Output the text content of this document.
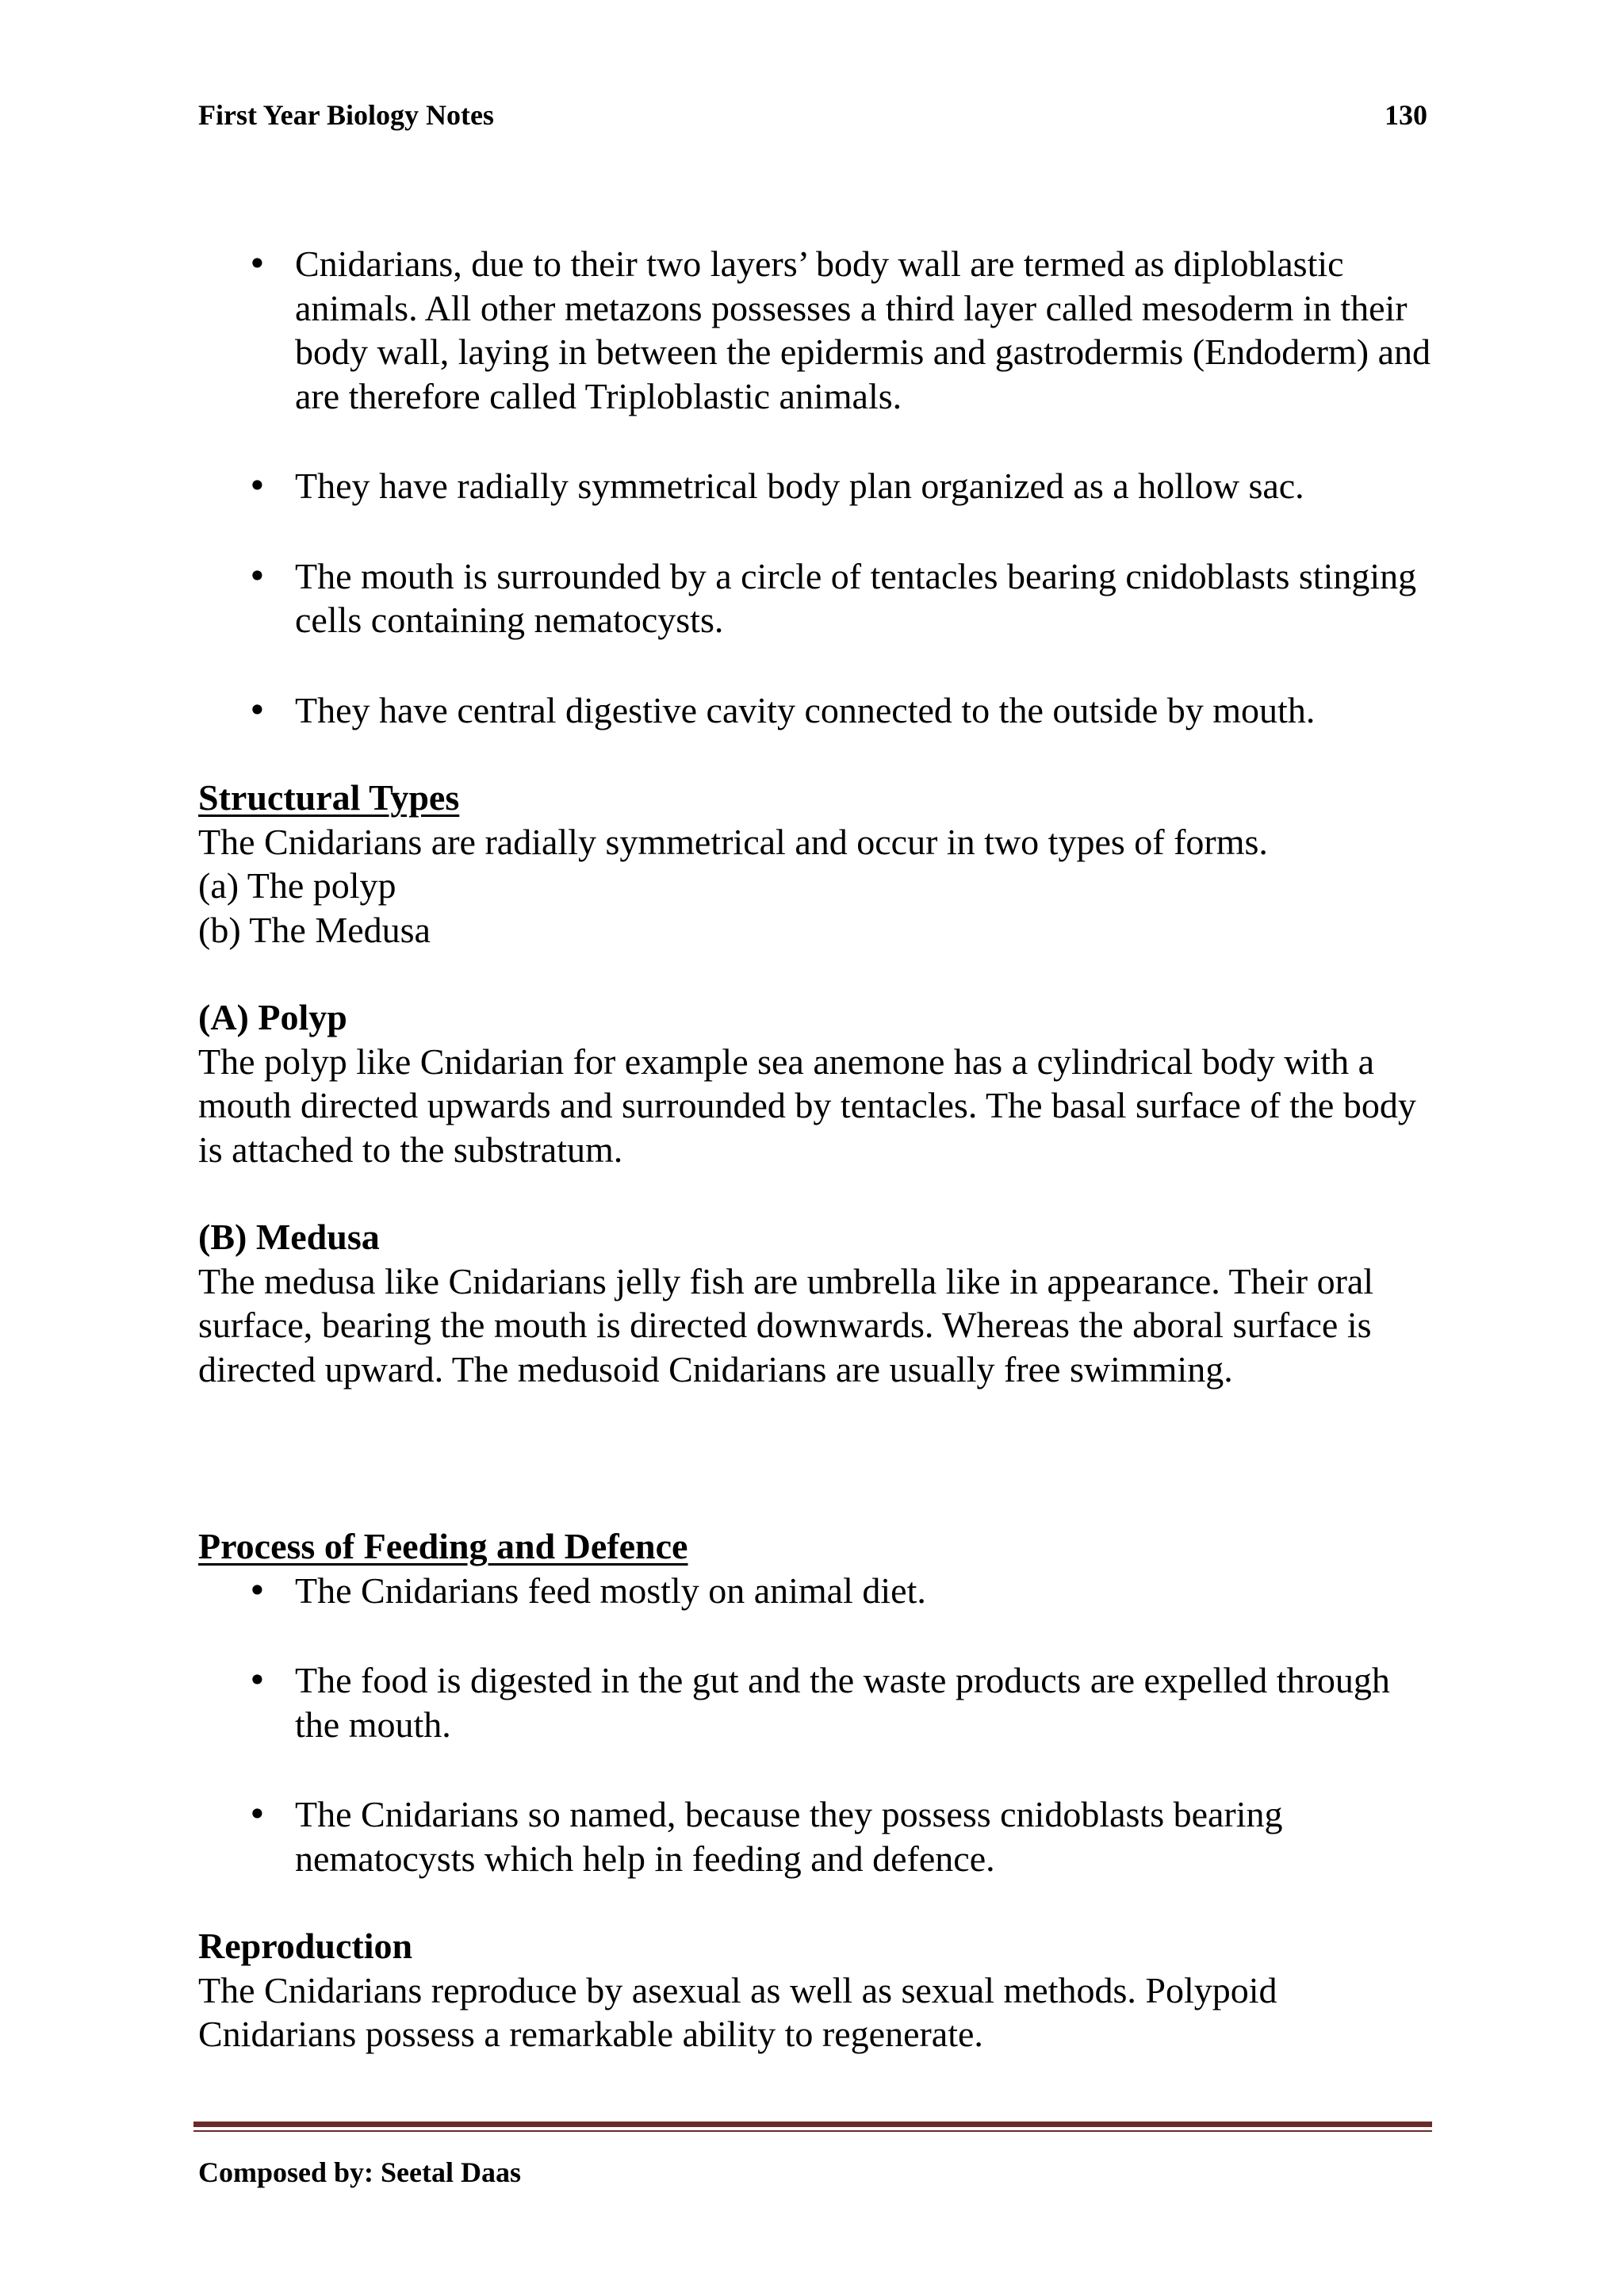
First Year Biology Notes	130
• Cnidarians, due to their two layers’ body wall are termed as diploblastic animals. All other metazons possesses a third layer called mesoderm in their body wall, laying in between the epidermis and gastrodermis (Endoderm) and are therefore called Triploblastic animals.
• They have radially symmetrical body plan organized as a hollow sac.
• The mouth is surrounded by a circle of tentacles bearing cnidoblasts stinging cells containing nematocysts.
• They have central digestive cavity connected to the outside by mouth.

Structural Types

The Cnidarians are radially symmetrical and occur in two types of forms.

(a) The polyp

(b) The Medusa

(A) Polyp

The polyp like Cnidarian for example sea anemone has a cylindrical body with a mouth directed upwards and surrounded by tentacles. The basal surface of the body is attached to the substratum.

(B) Medusa

The medusa like Cnidarians jelly fish are umbrella like in appearance. Their oral surface, bearing the mouth is directed downwards. Whereas the aboral surface is directed upward. The medusoid Cnidarians are usually free swimming.

Process of Feeding and Defence

• The Cnidarians feed mostly on animal diet.
• The food is digested in the gut and the waste products are expelled through the mouth.
• The Cnidarians so named, because they possess cnidoblasts bearing nematocysts which help in feeding and defence.

Reproduction

The Cnidarians reproduce by asexual as well as sexual methods. Polypoid Cnidarians possess a remarkable ability to regenerate.

Composed by: Seetal Daas
